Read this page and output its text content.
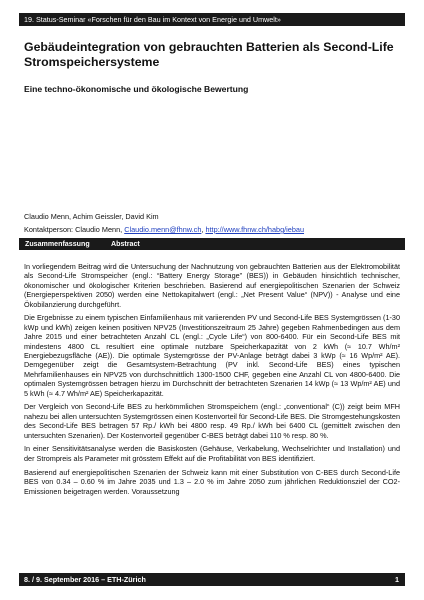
19. Status-Seminar «Forschen für den Bau im Kontext von Energie und Umwelt»
Gebäudeintegration von gebrauchten Batterien als Second-Life Stromspeichersysteme
Eine techno-ökonomische und ökologische Bewertung
Claudio Menn, Achim Geissler, David Kim
Kontaktperson: Claudio Menn, Claudio.menn@fhnw.ch, http://www.fhnw.ch/habg/iebau
Zusammenfassung	Abstract

In vorliegendem Beitrag wird die Untersuchung der Nachnutzung von gebrauchten Batterien aus der Elektromobilität als Second-Life Stromspeicher (engl.: “Battery Energy Storage” (BES)) in Gebäuden hinsichtlich technischer, ökonomischer und ökologischer Kriterien beschrieben. Basierend auf energiepolitischen Szenarien der Schweiz (Energieperspektiven 2050) werden eine Nettokapitalwert (engl.: „Net Present Value“ (NPV)) - Analyse und eine Ökobilanzierung durchgeführt.

Die Ergebnisse zu einem typischen Einfamilienhaus mit variierenden PV und Second-Life BES Systemgrössen (1-30 kWp und kWh) zeigen keinen positiven NPV25 (Investitionszeitraum 25 Jahre) gegeben Rahmenbedingen aus dem Jahre 2015 und einer betrachteten Anzahl CL (engl.: „Cycle Life“) von 800-6400. Für ein Second-Life BES mit mindestens 4800 CL resultiert eine optimale nutzbare Speicherkapazität von 2 kWh (≈ 10.7 Wh/m² Energiebezugsfläche (AE)). Die optimale Systemgrösse der PV-Anlage beträgt dabei 3 kWp (≈ 16 Wp/m² AE). Demgegenüber zeigt die Gesamtsystem-Betrachtung (PV inkl. Second-Life BES) eines typischen Mehrfamilienhauses ein NPV25 von durchschnittlich 1300-1500 CHF, gegeben eine Anzahl CL von 4800-6400. Die optimalen Systemgrössen betragen hierzu im Durchschnitt der betrachteten Szenarien 14 kWp (≈ 13 Wp/m² AE) und 5 kWh (≈ 4.7 Wh/m² AE) Speicherkapazität.

Der Vergleich von Second-Life BES zu herkömmlichen Stromspeichern (engl.: „conventional“ (C)) zeigt beim MFH nahezu bei allen untersuchten Systemgrössen einen Kostenvorteil für Second-Life BES. Die Stromgestehungskosten des Second-Life BES betragen 57 Rp./ kWh bei 4800 resp. 49 Rp./ kWh bei 6400 CL (gemittelt zwischen den untersuchten Szenarien). Der Kostenvorteil gegenüber C-BES beträgt dabei 110 % resp. 80 %.

In einer Sensitivitätsanalyse werden die Basiskosten (Gehäuse, Verkabelung, Wechselrichter und Installation) und der Strompreis als Parameter mit grösstem Effekt auf die Profitabilität von BES identifiziert.

Basierend auf energiepolitischen Szenarien der Schweiz kann mit einer Substitution von C-BES durch Second-Life BES von 0.34 – 0.60 % im Jahre 2035 und 1.3 – 2.0 % im Jahre 2050 zum jährlichen Reduktionsziel der CO2-Emissionen beigetragen werden. Voraussetzung

8. / 9. September 2016 – ETH-Zürich	1
